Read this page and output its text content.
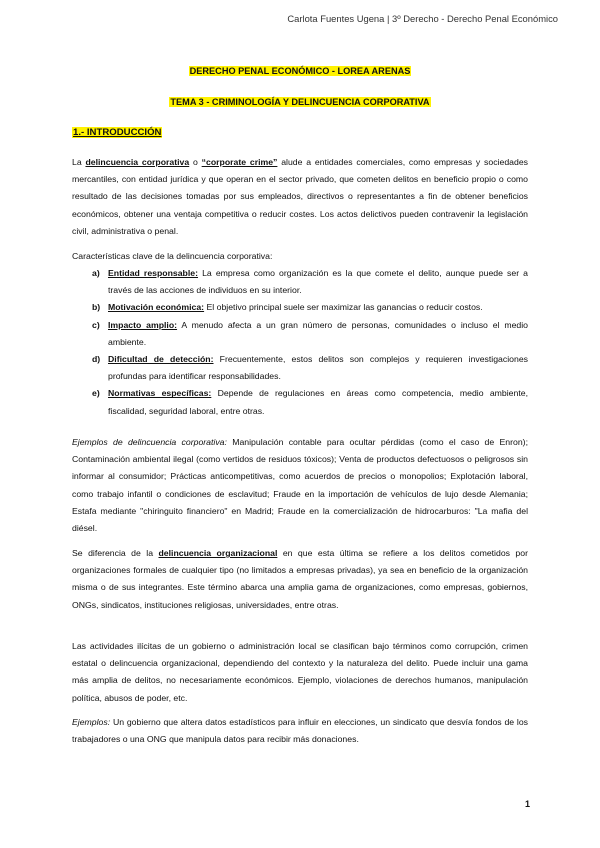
Carlota Fuentes Ugena | 3º Derecho - Derecho Penal Económico
DERECHO PENAL ECONÓMICO - LOREA ARENAS
TEMA 3 - CRIMINOLOGÍA Y DELINCUENCIA CORPORATIVA
1.- INTRODUCCIÓN
La delincuencia corporativa o “corporate crime” alude a entidades comerciales, como empresas y sociedades mercantiles, con entidad jurídica y que operan en el sector privado, que cometen delitos en beneficio propio o como resultado de las decisiones tomadas por sus empleados, directivos o representantes a fin de obtener beneficios económicos, obtener una ventaja competitiva o reducir costes. Los actos delictivos pueden contravenir la legislación civil, administrativa o penal.
Características clave de la delincuencia corporativa:
a) Entidad responsable: La empresa como organización es la que comete el delito, aunque puede ser a través de las acciones de individuos en su interior.
b) Motivación económica: El objetivo principal suele ser maximizar las ganancias o reducir costos.
c) Impacto amplio: A menudo afecta a un gran número de personas, comunidades o incluso el medio ambiente.
d) Dificultad de detección: Frecuentemente, estos delitos son complejos y requieren investigaciones profundas para identificar responsabilidades.
e) Normativas específicas: Depende de regulaciones en áreas como competencia, medio ambiente, fiscalidad, seguridad laboral, entre otras.
Ejemplos de delincuencia corporativa: Manipulación contable para ocultar pérdidas (como el caso de Enron); Contaminación ambiental ilegal (como vertidos de residuos tóxicos); Venta de productos defectuosos o peligrosos sin informar al consumidor; Prácticas anticompetitivas, como acuerdos de precios o monopolios; Explotación laboral, como trabajo infantil o condiciones de esclavitud; Fraude en la importación de vehículos de lujo desde Alemania; Estafa mediante "chiringuito financiero" en Madrid; Fraude en la comercialización de hidrocarburos: "La mafia del diésel.
Se diferencia de la delincuencia organizacional en que esta última se refiere a los delitos cometidos por organizaciones formales de cualquier tipo (no limitados a empresas privadas), ya sea en beneficio de la organización misma o de sus integrantes. Este término abarca una amplia gama de organizaciones, como empresas, gobiernos, ONGs, sindicatos, instituciones religiosas, universidades, entre otras.
Las actividades ilícitas de un gobierno o administración local se clasifican bajo términos como corrupción, crimen estatal o delincuencia organizacional, dependiendo del contexto y la naturaleza del delito. Puede incluir una gama más amplia de delitos, no necesariamente económicos. Ejemplo, violaciones de derechos humanos, manipulación política, abusos de poder, etc.
Ejemplos: Un gobierno que altera datos estadísticos para influir en elecciones, un sindicato que desvía fondos de los trabajadores o una ONG que manipula datos para recibir más donaciones.
1
